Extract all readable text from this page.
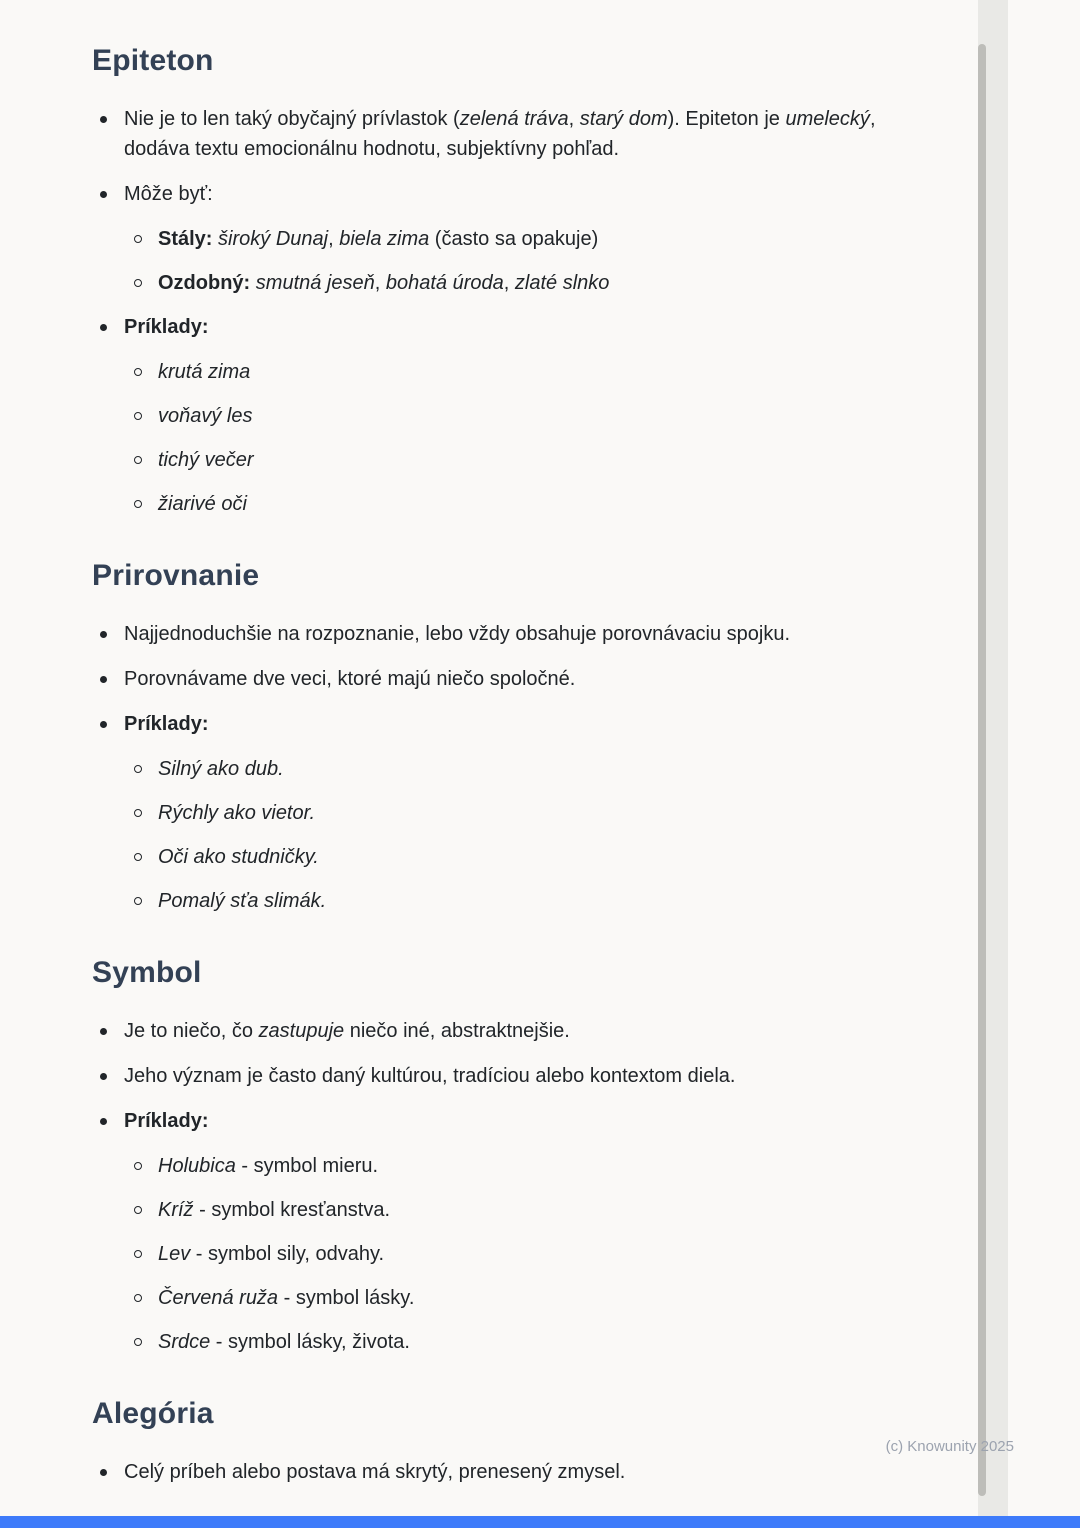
Epiteton
Nie je to len taký obyčajný prívlastok (zelená tráva, starý dom). Epiteton je umelecký, dodáva textu emocionálnu hodnotu, subjektívny pohľad.
Môže byť:
Stály: široký Dunaj, biela zima (často sa opakuje)
Ozdobný: smutná jeseň, bohatá úroda, zlaté slnko
Príklady:
krutá zima
voňavý les
tichý večer
žiarivé oči
Prirovnanie
Najjednoduchšie na rozpoznanie, lebo vždy obsahuje porovnávaciu spojku.
Porovnávame dve veci, ktoré majú niečo spoločné.
Príklady:
Silný ako dub.
Rýchly ako vietor.
Oči ako studničky.
Pomalý sťa slimák.
Symbol
Je to niečo, čo zastupuje niečo iné, abstraktnejšie.
Jeho význam je často daný kultúrou, tradíciou alebo kontextom diela.
Príklady:
Holubica - symbol mieru.
Kríž - symbol kresťanstva.
Lev - symbol sily, odvahy.
Červená ruža - symbol lásky.
Srdce - symbol lásky, života.
Alegória
Celý príbeh alebo postava má skrytý, prenesený zmysel.
(c) Knowunity 2025
